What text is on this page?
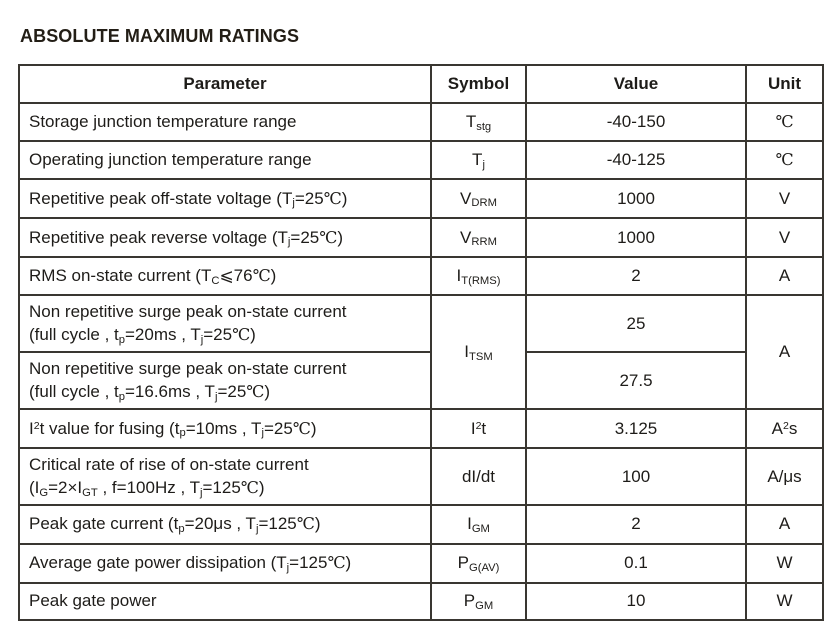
ABSOLUTE MAXIMUM RATINGS
Parameter	Symbol	Value	Unit
Storage junction temperature range	$T_{stg}$	-40-150	℃
Operating junction temperature range	$T_j$	-40-125	℃
Repetitive peak off-state voltage $(T_j=25℃)$	$V_{DRM}$	1000	V
Repetitive peak reverse voltage $(T_j=25℃)$	$V_{RRM}$	1000	V
RMS on-state current $(T_C⩽76℃)$	$I_{T(RMS)}$	2	A
Non repetitive surge peak on-state current
(full cycle , $t_p=20ms$ , $T_j=25℃$)	$I_{TSM}$	25	A
Non repetitive surge peak on-state current
(full cycle , $t_p=16.6ms$ , $T_j=25℃$)		27.5	
$I^2t$ value for fusing ($t_p=10ms$ , $T_j=25℃$)	$I^2t$	3.125	$A^2s$
Critical rate of rise of on-state current
($I_G=2\times I_{GT}$ , f=100Hz , $T_j=125℃$)	dI/dt	100	A/μs
Peak gate current ($t_p=20\mu s$ , $T_j=125℃$)	$I_{GM}$	2	A
Average gate power dissipation $(T_j=125℃)$	$P_{G(AV)}$	0.1	W
Peak gate power	$P_{GM}$	10	W
